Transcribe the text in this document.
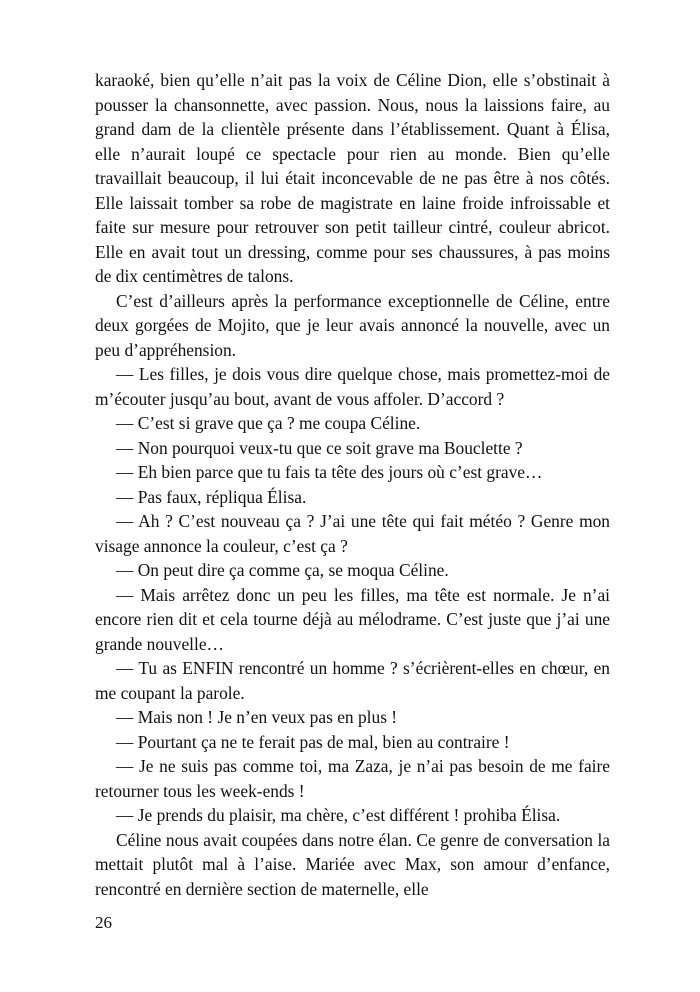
karaoké, bien qu’elle n’ait pas la voix de Céline Dion, elle s’obstinait à pousser la chansonnette, avec passion. Nous, nous la laissions faire, au grand dam de la clientèle présente dans l’établissement. Quant à Élisa, elle n’aurait loupé ce spectacle pour rien au monde. Bien qu’elle travaillait beaucoup, il lui était inconcevable de ne pas être à nos côtés. Elle laissait tomber sa robe de magistrate en laine froide infroissable et faite sur mesure pour retrouver son petit tailleur cintré, couleur abricot. Elle en avait tout un dressing, comme pour ses chaussures, à pas moins de dix centimètres de talons.

C’est d’ailleurs après la performance exceptionnelle de Céline, entre deux gorgées de Mojito, que je leur avais annoncé la nouvelle, avec un peu d’appréhension.

— Les filles, je dois vous dire quelque chose, mais promettez-moi de m’écouter jusqu’au bout, avant de vous affoler. D’accord ?

— C’est si grave que ça ? me coupa Céline.

— Non pourquoi veux-tu que ce soit grave ma Bouclette ?

— Eh bien parce que tu fais ta tête des jours où c’est grave…

— Pas faux, répliqua Élisa.

— Ah ? C’est nouveau ça ? J’ai une tête qui fait météo ? Genre mon visage annonce la couleur, c’est ça ?

— On peut dire ça comme ça, se moqua Céline.

— Mais arrêtez donc un peu les filles, ma tête est normale. Je n’ai encore rien dit et cela tourne déjà au mélodrame. C’est juste que j’ai une grande nouvelle…

— Tu as ENFIN rencontré un homme ? s’écrièrent-elles en chœur, en me coupant la parole.

— Mais non ! Je n’en veux pas en plus !

— Pourtant ça ne te ferait pas de mal, bien au contraire !

— Je ne suis pas comme toi, ma Zaza, je n’ai pas besoin de me faire retourner tous les week-ends !

— Je prends du plaisir, ma chère, c’est différent ! prohiba Élisa.

Céline nous avait coupées dans notre élan. Ce genre de conversation la mettait plutôt mal à l’aise. Mariée avec Max, son amour d’enfance, rencontré en dernière section de maternelle, elle

26
